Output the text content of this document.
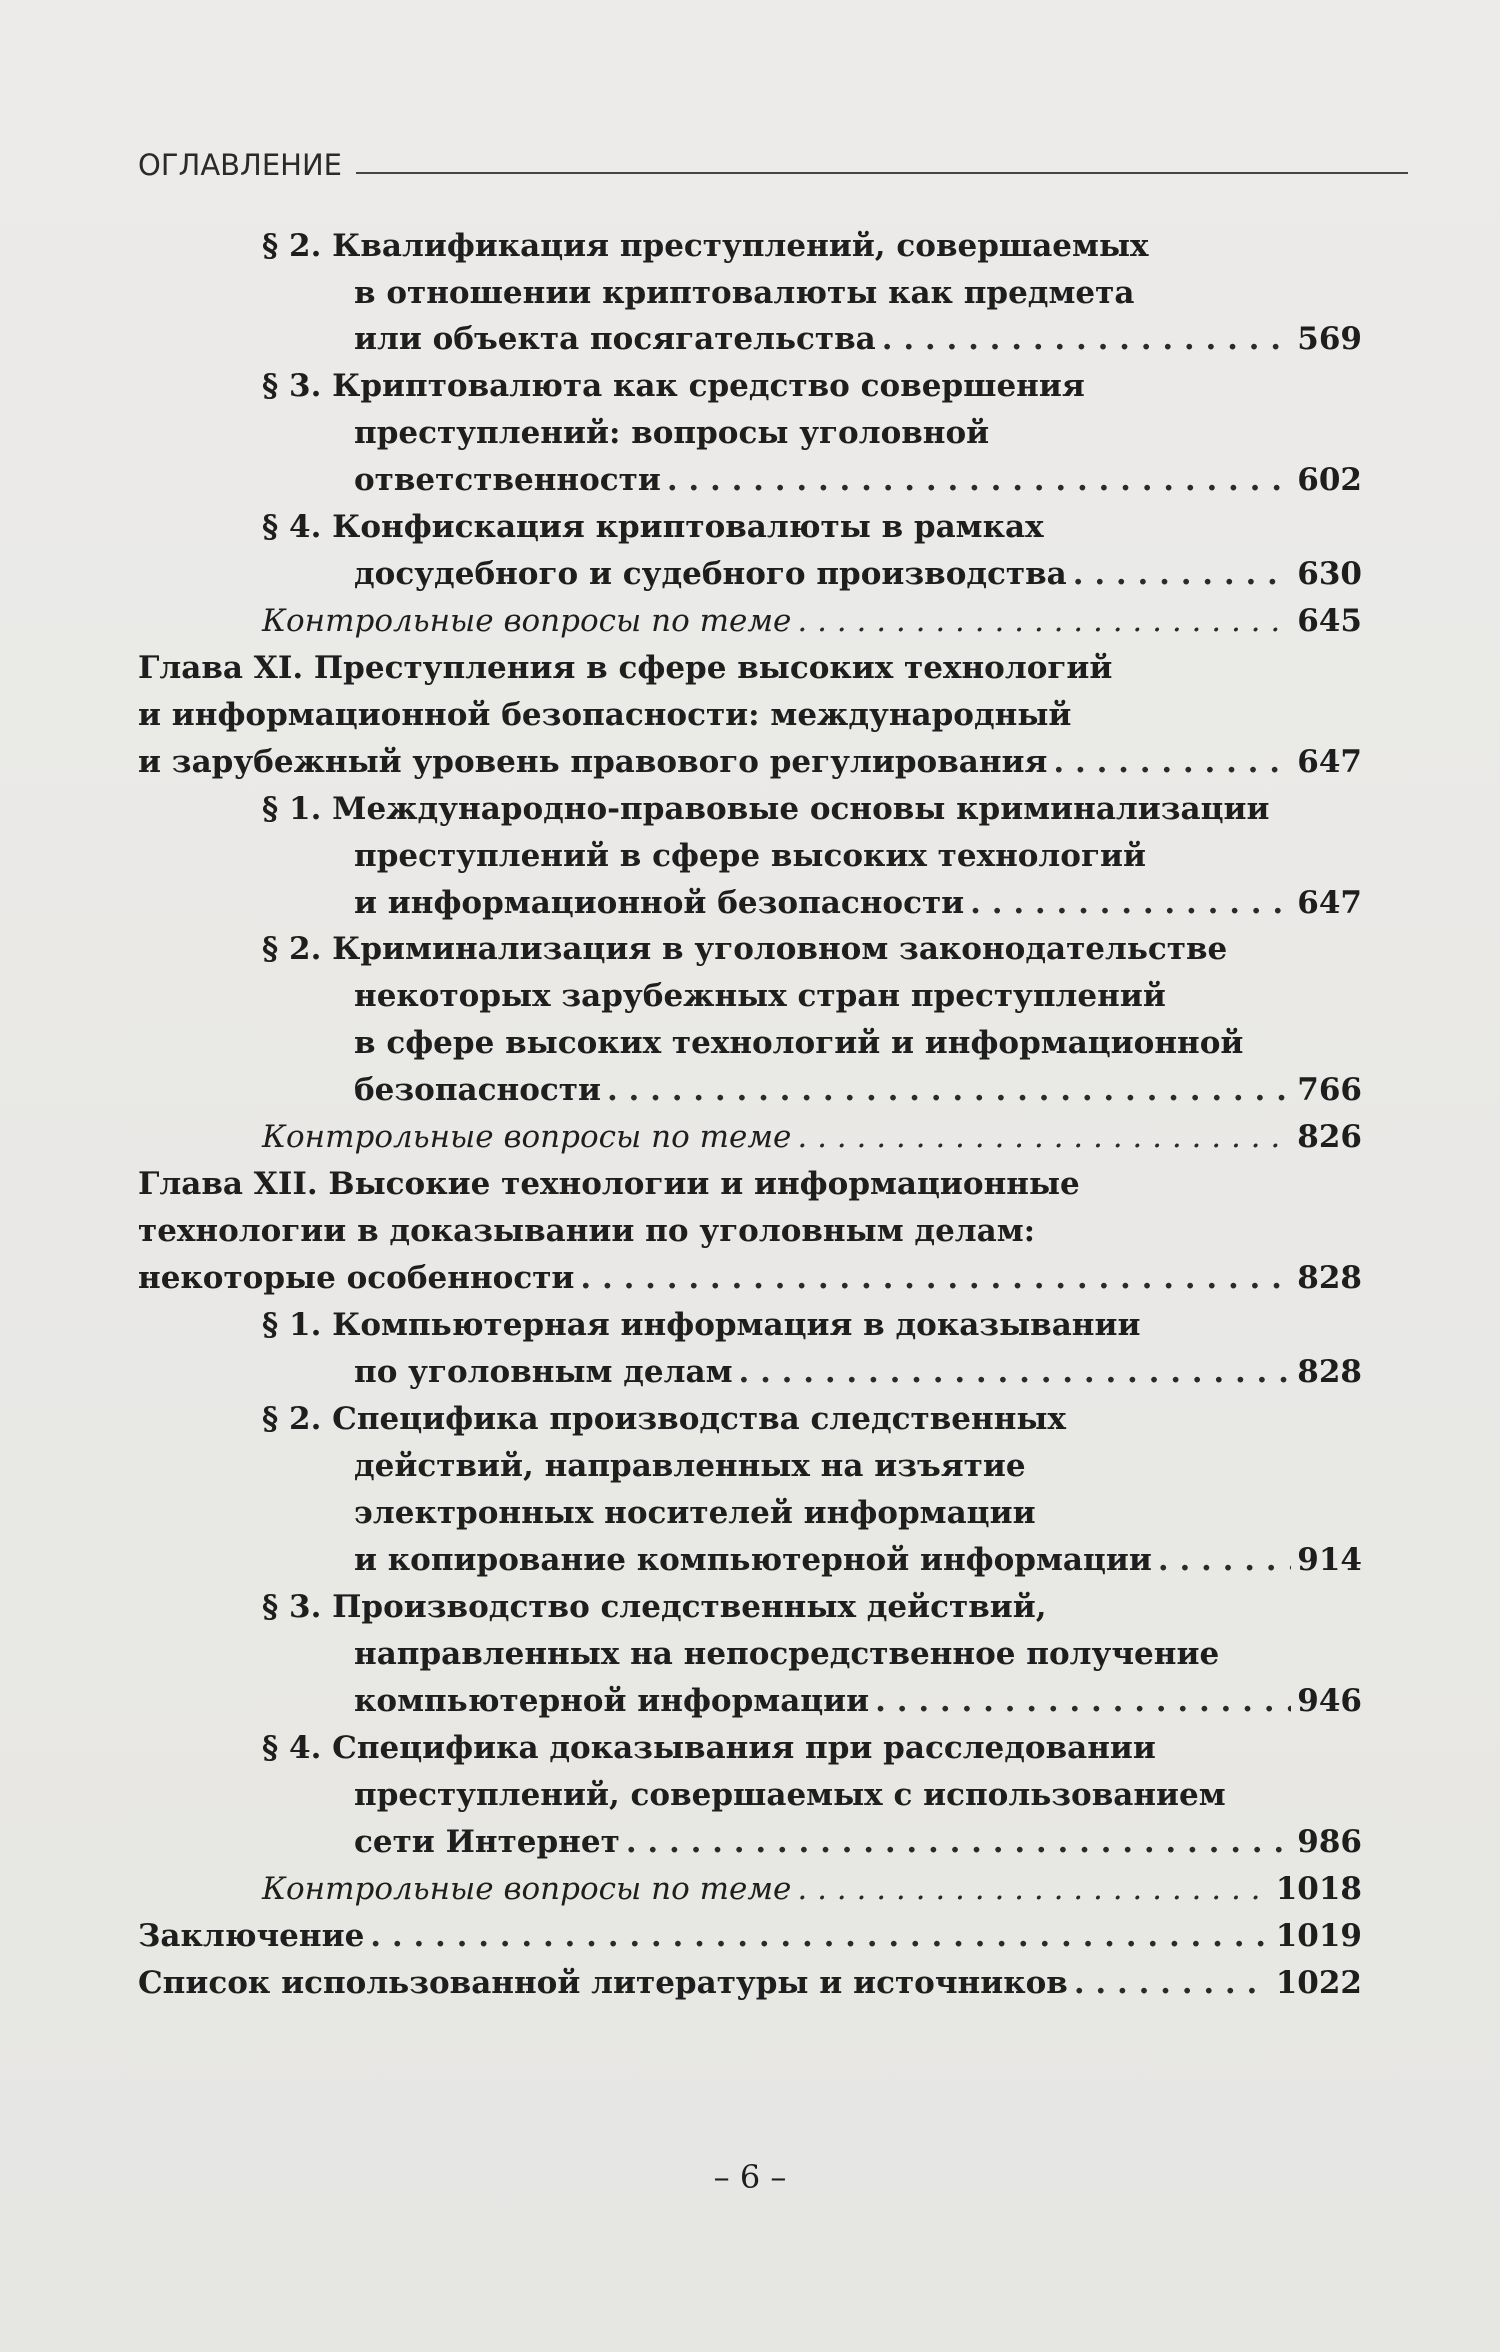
ОГЛАВЛЕНИЕ
§ 2. Квалификация преступлений, совершаемых
в отношении криптовалюты как предмета
или объекта посягательства . . .	569
§ 3. Криптовалюта как средство совершения
преступлений: вопросы уголовной
ответственности . . .	602
§ 4. Конфискация криптовалюты в рамках
досудебного и судебного производства . . .	630
Контрольные вопросы по теме . . .	645
Глава XI. Преступления в сфере высоких технологий
и информационной безопасности: международный
и зарубежный уровень правового регулирования . . .	647
§ 1. Международно-правовые основы криминализации
преступлений в сфере высоких технологий
и информационной безопасности . . .	647
§ 2. Криминализация в уголовном законодательстве
некоторых зарубежных стран преступлений
в сфере высоких технологий и информационной
безопасности . . .	766
Контрольные вопросы по теме . . .	826
Глава XII. Высокие технологии и информационные
технологии в доказывании по уголовным делам:
некоторые особенности . . .	828
§ 1. Компьютерная информация в доказывании
по уголовным делам . . .	828
§ 2. Специфика производства следственных
действий, направленных на изъятие
электронных носителей информации
и копирование компьютерной информации . . .	914
§ 3. Производство следственных действий,
направленных на непосредственное получение
компьютерной информации . . .	946
§ 4. Специфика доказывания при расследовании
преступлений, совершаемых с использованием
сети Интернет . . .	986
Контрольные вопросы по теме . . .	1018
Заключение . . .	1019
Список использованной литературы и источников . . .	1022
– 6 –
